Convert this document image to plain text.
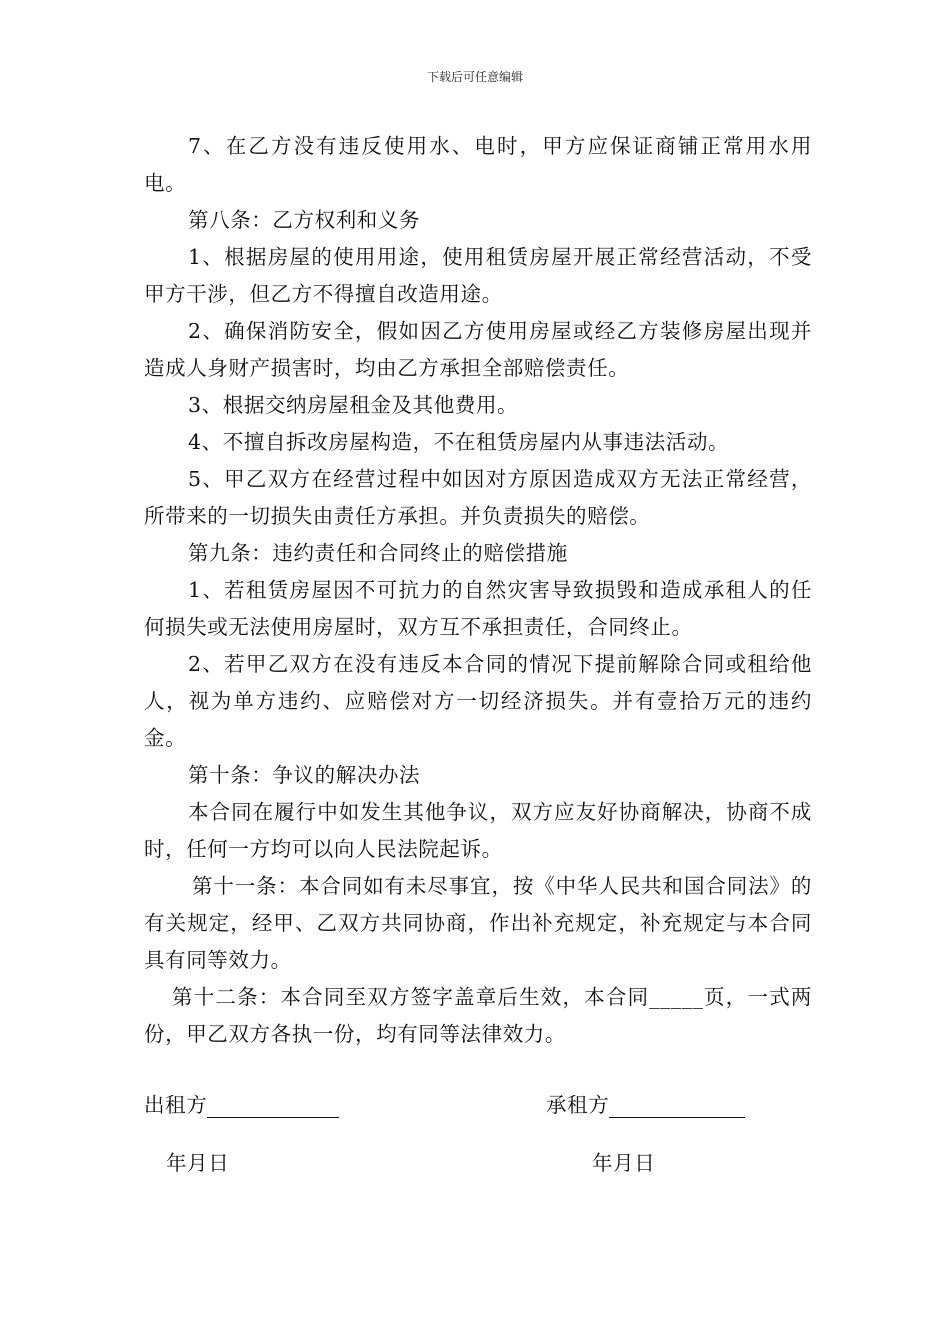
下载后可任意编辑

7、在乙方没有违反使用水、电时，甲方应保证商铺正常用水用电。

第八条：乙方权利和义务

1、根据房屋的使用用途，使用租赁房屋开展正常经营活动，不受甲方干涉，但乙方不得擅自改造用途。

2、确保消防安全，假如因乙方使用房屋或经乙方装修房屋出现并造成人身财产损害时，均由乙方承担全部赔偿责任。

3、根据交纳房屋租金及其他费用。

4、不擅自拆改房屋构造，不在租赁房屋内从事违法活动。

5、甲乙双方在经营过程中如因对方原因造成双方无法正常经营，所带来的一切损失由责任方承担。并负责损失的赔偿。

第九条：违约责任和合同终止的赔偿措施

1、若租赁房屋因不可抗力的自然灾害导致损毁和造成承租人的任何损失或无法使用房屋时，双方互不承担责任，合同终止。

2、若甲乙双方在没有违反本合同的情况下提前解除合同或租给他人，视为单方违约、应赔偿对方一切经济损失。并有壹拾万元的违约金。

第十条：争议的解决办法

本合同在履行中如发生其他争议，双方应友好协商解决，协商不成时，任何一方均可以向人民法院起诉。

第十一条：本合同如有未尽事宜，按《中华人民共和国合同法》的有关规定，经甲、乙双方共同协商，作出补充规定，补充规定与本合同具有同等效力。

第十二条：本合同至双方签字盖章后生效，本合同_____页，一式两份，甲乙双方各执一份，均有同等法律效力。

出租方	承租方
年月日	年月日
